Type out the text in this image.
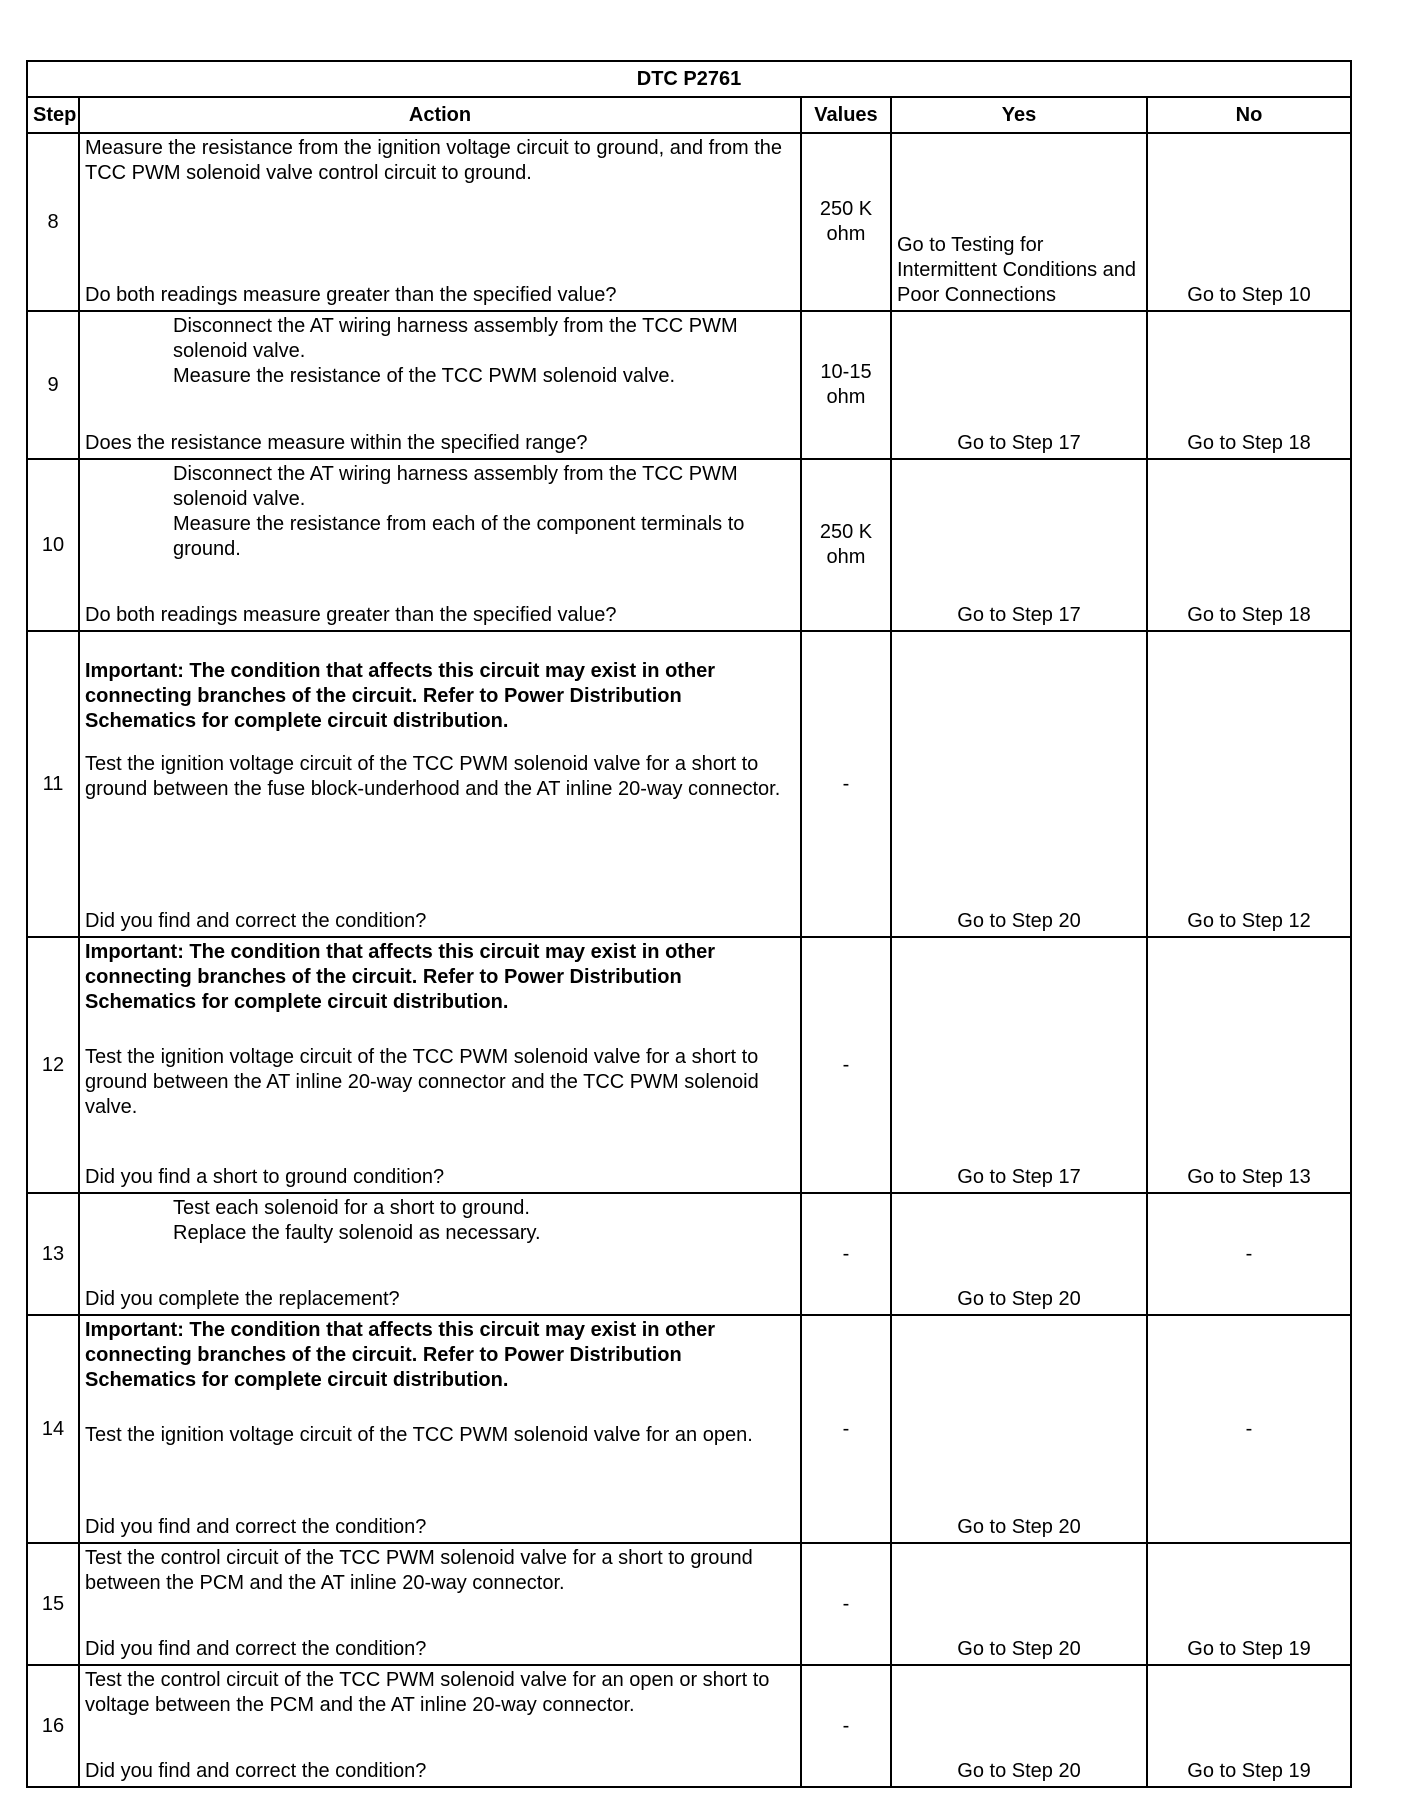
DTC P2761				
Step	Action	Values	Yes	No
8	Measure the resistance from the ignition voltage circuit to ground, and from the TCC PWM solenoid valve control circuit to ground.
Do both readings measure greater than the specified value?	250 K ohm	Go to Testing for Intermittent Conditions and Poor Connections	Go to Step 10
9	Disconnect the AT wiring harness assembly from the TCC PWM solenoid valve.
Measure the resistance of the TCC PWM solenoid valve.
Does the resistance measure within the specified range?	10-15 ohm	Go to Step 17	Go to Step 18
10	Disconnect the AT wiring harness assembly from the TCC PWM solenoid valve.
Measure the resistance from each of the component terminals to ground.
Do both readings measure greater than the specified value?	250 K ohm	Go to Step 17	Go to Step 18
11	Important: The condition that affects this circuit may exist in other connecting branches of the circuit. Refer to Power Distribution Schematics for complete circuit distribution.
Test the ignition voltage circuit of the TCC PWM solenoid valve for a short to ground between the fuse block-underhood and the AT inline 20-way connector.
Did you find and correct the condition?	-	Go to Step 20	Go to Step 12
12	Important: The condition that affects this circuit may exist in other connecting branches of the circuit. Refer to Power Distribution Schematics for complete circuit distribution.
Test the ignition voltage circuit of the TCC PWM solenoid valve for a short to ground between the AT inline 20-way connector and the TCC PWM solenoid valve.
Did you find a short to ground condition?	-	Go to Step 17	Go to Step 13
13	Test each solenoid for a short to ground.
Replace the faulty solenoid as necessary.
Did you complete the replacement?	-	Go to Step 20	-
14	Important: The condition that affects this circuit may exist in other connecting branches of the circuit. Refer to Power Distribution Schematics for complete circuit distribution.
Test the ignition voltage circuit of the TCC PWM solenoid valve for an open.
Did you find and correct the condition?	-	Go to Step 20	-
15	Test the control circuit of the TCC PWM solenoid valve for a short to ground between the PCM and the AT inline 20-way connector.
Did you find and correct the condition?	-	Go to Step 20	Go to Step 19
16	Test the control circuit of the TCC PWM solenoid valve for an open or short to voltage between the PCM and the AT inline 20-way connector.
Did you find and correct the condition?	-	Go to Step 20	Go to Step 19
